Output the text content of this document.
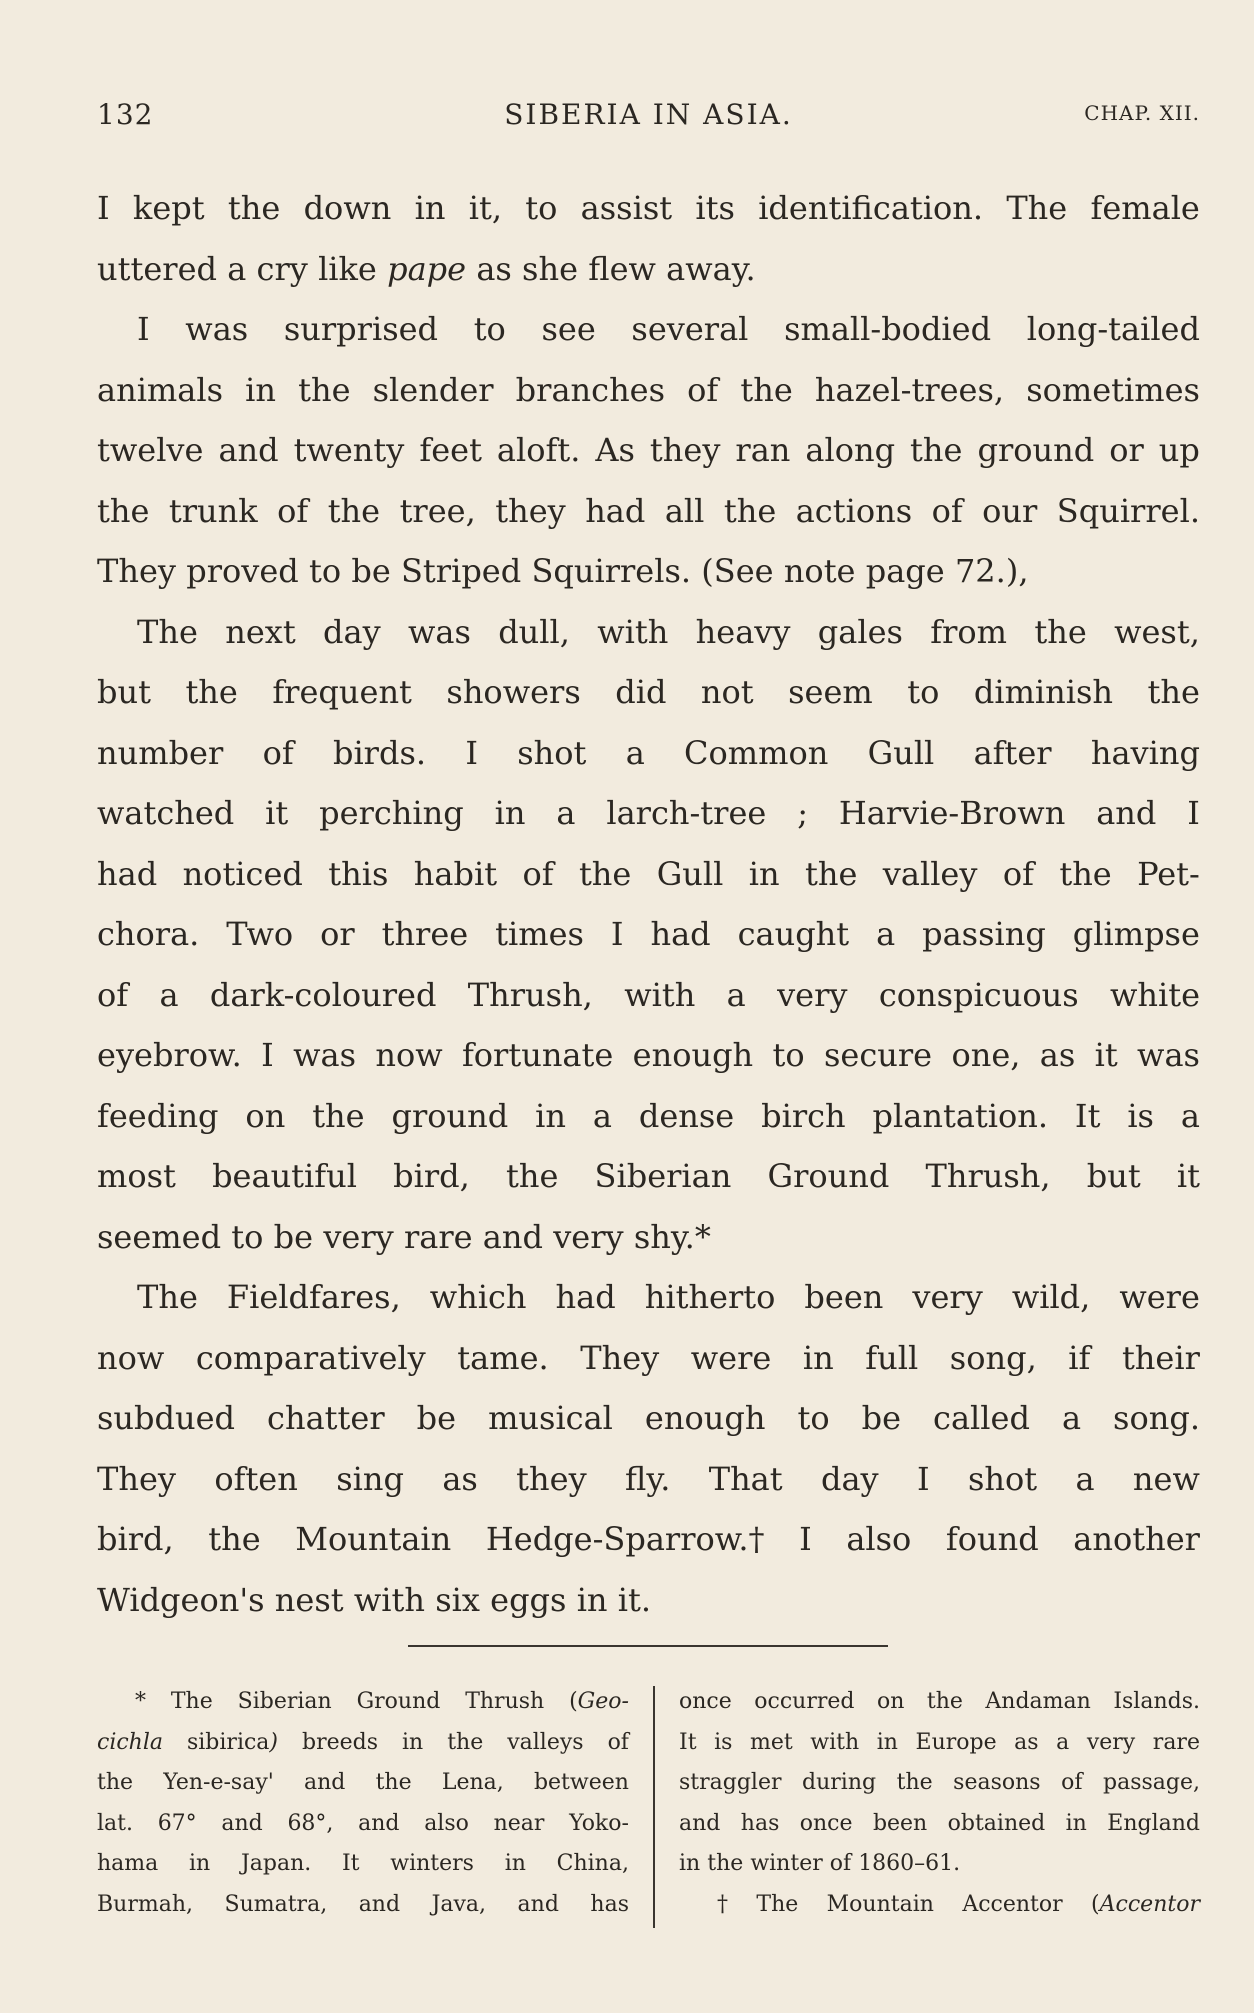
132	SIBERIA IN ASIA.	CHAP. XII.
I kept the down in it, to assist its identification. The female
uttered a cry like pape as she flew away.
I was surprised to see several small-bodied long-tailed
animals in the slender branches of the hazel-trees, sometimes
twelve and twenty feet aloft. As they ran along the ground or up
the trunk of the tree, they had all the actions of our Squirrel.
They proved to be Striped Squirrels. (See note page 72.),
The next day was dull, with heavy gales from the west,
but the frequent showers did not seem to diminish the
number of birds. I shot a Common Gull after having
watched it perching in a larch-tree ; Harvie-Brown and I
had noticed this habit of the Gull in the valley of the Pet-
chora. Two or three times I had caught a passing glimpse
of a dark-coloured Thrush, with a very conspicuous white
eyebrow. I was now fortunate enough to secure one, as it was
feeding on the ground in a dense birch plantation. It is a
most beautiful bird, the Siberian Ground Thrush, but it
seemed to be very rare and very shy.*
The Fieldfares, which had hitherto been very wild, were
now comparatively tame. They were in full song, if their
subdued chatter be musical enough to be called a song.
They often sing as they fly. That day I shot a new
bird, the Mountain Hedge-Sparrow.† I also found another
Widgeon's nest with six eggs in it.
* The Siberian Ground Thrush (Geo-
cichla sibirica) breeds in the valleys of
the Yen-e-say' and the Lena, between
lat. 67° and 68°, and also near Yoko-
hama in Japan. It winters in China,
Burmah, Sumatra, and Java, and has
once occurred on the Andaman Islands.
It is met with in Europe as a very rare
straggler during the seasons of passage,
and has once been obtained in England
in the winter of 1860–61.
† The Mountain Accentor (Accentor
